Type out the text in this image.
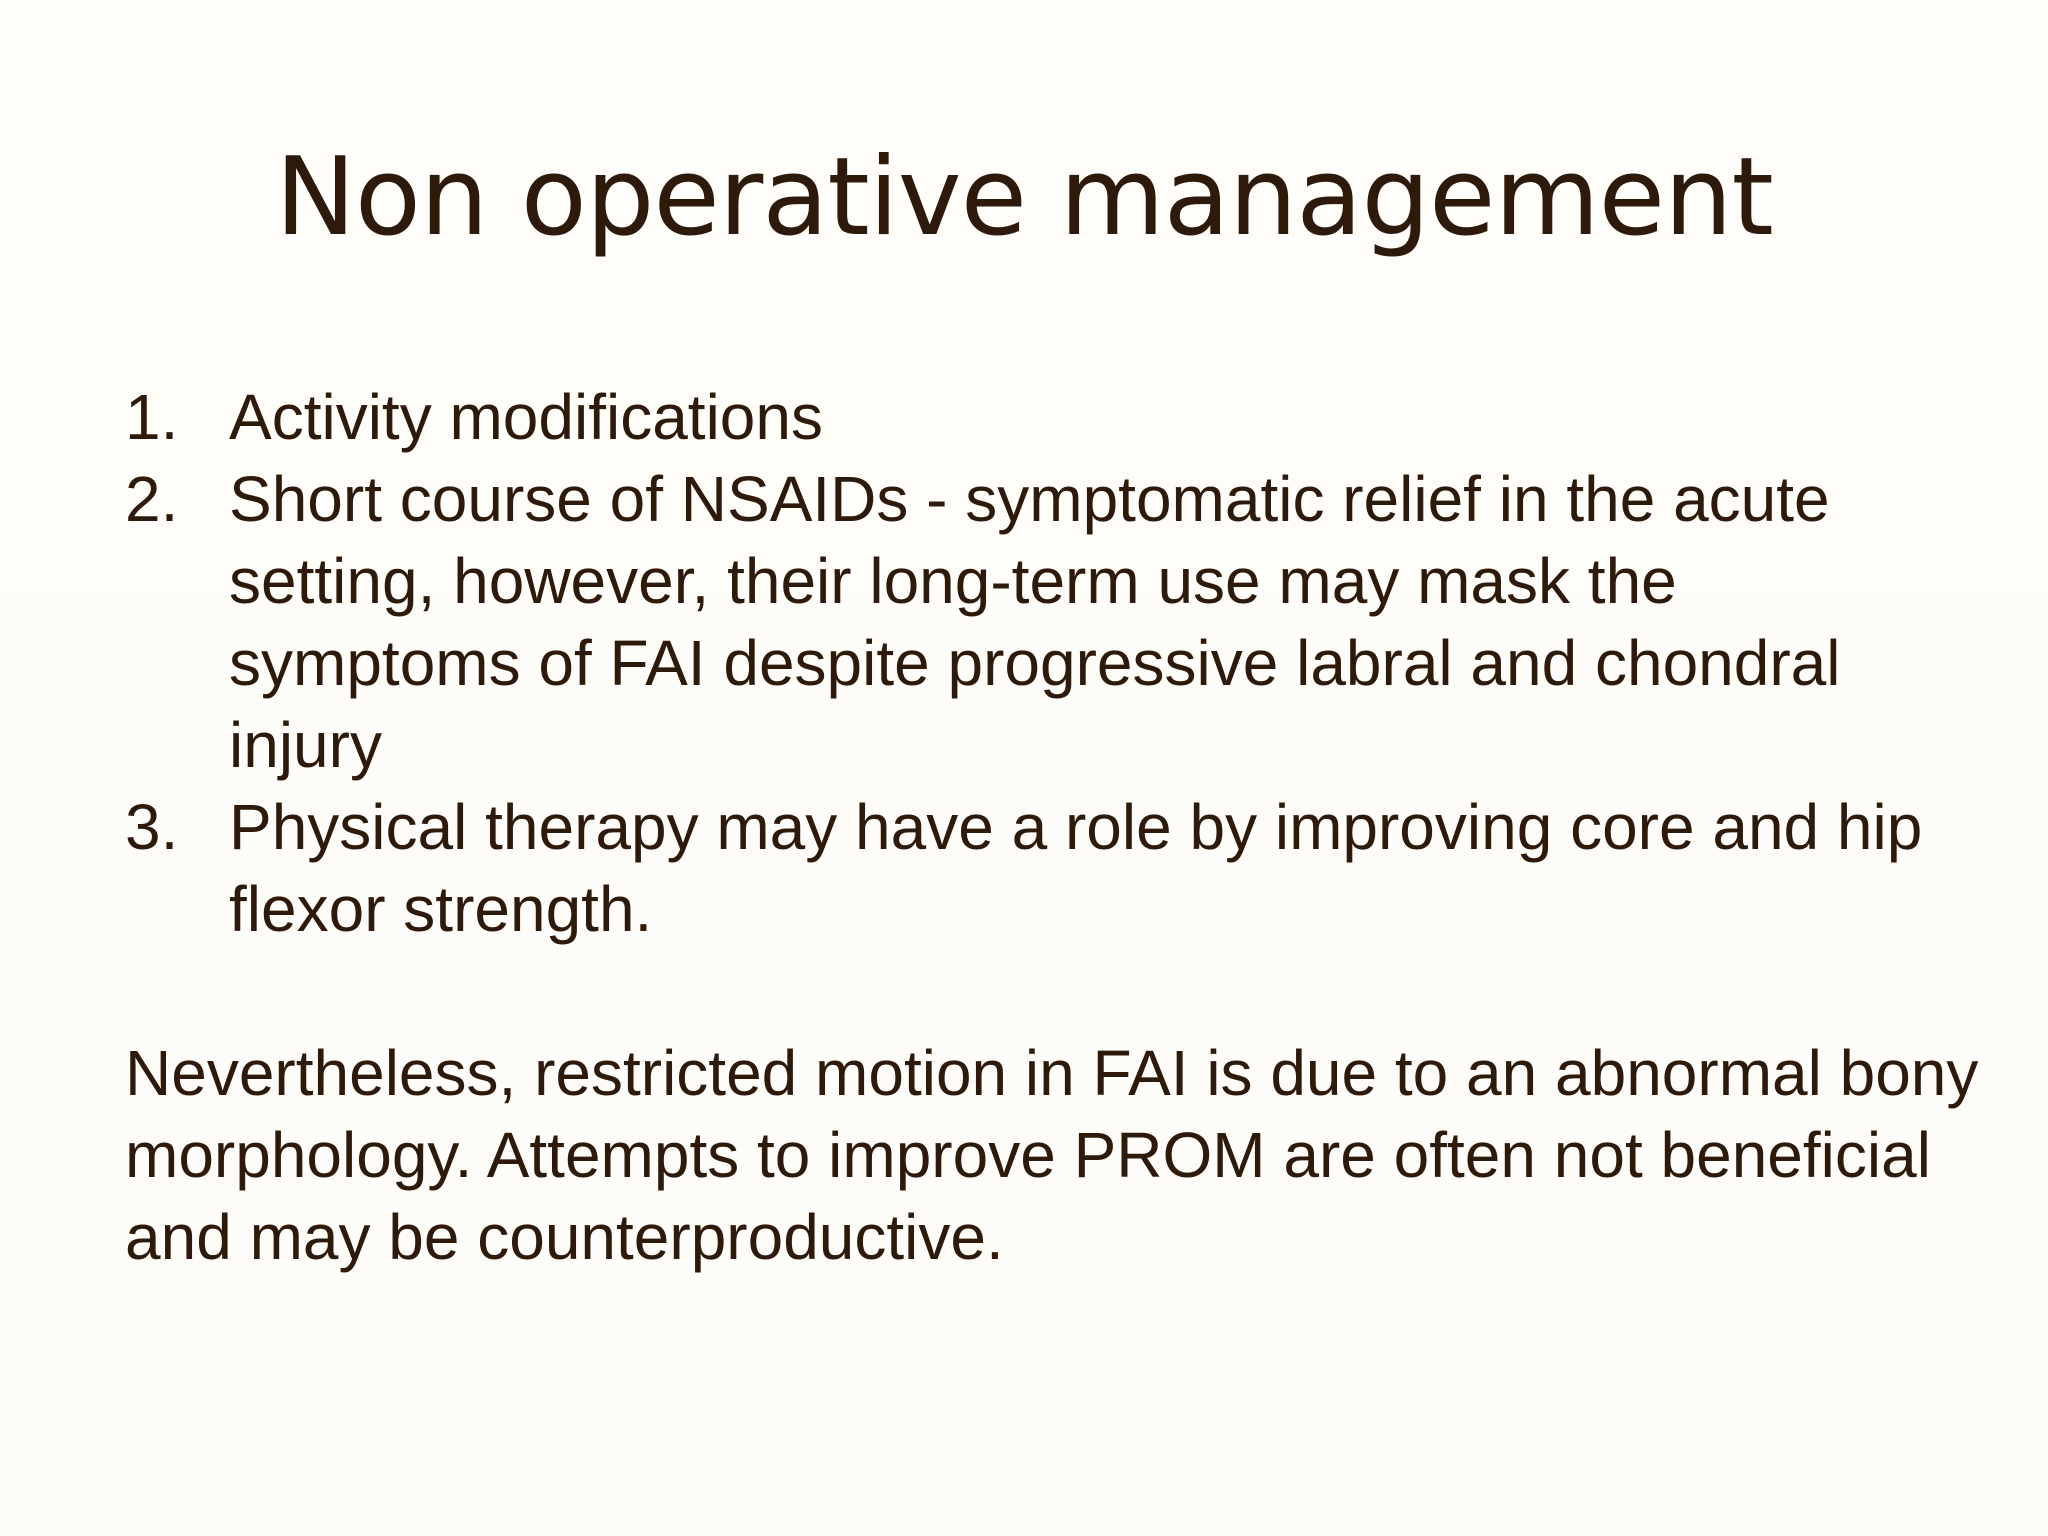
Non operative management
1. Activity modifications
2. Short course of NSAIDs - symptomatic relief in the acute setting, however, their long-term use may mask the symptoms of FAI despite progressive labral and chondral injury
3. Physical therapy may have a role by improving core and hip flexor strength.

Nevertheless, restricted motion in FAI is due to an abnormal bony morphology. Attempts to improve PROM are often not beneficial and may be counterproductive.
